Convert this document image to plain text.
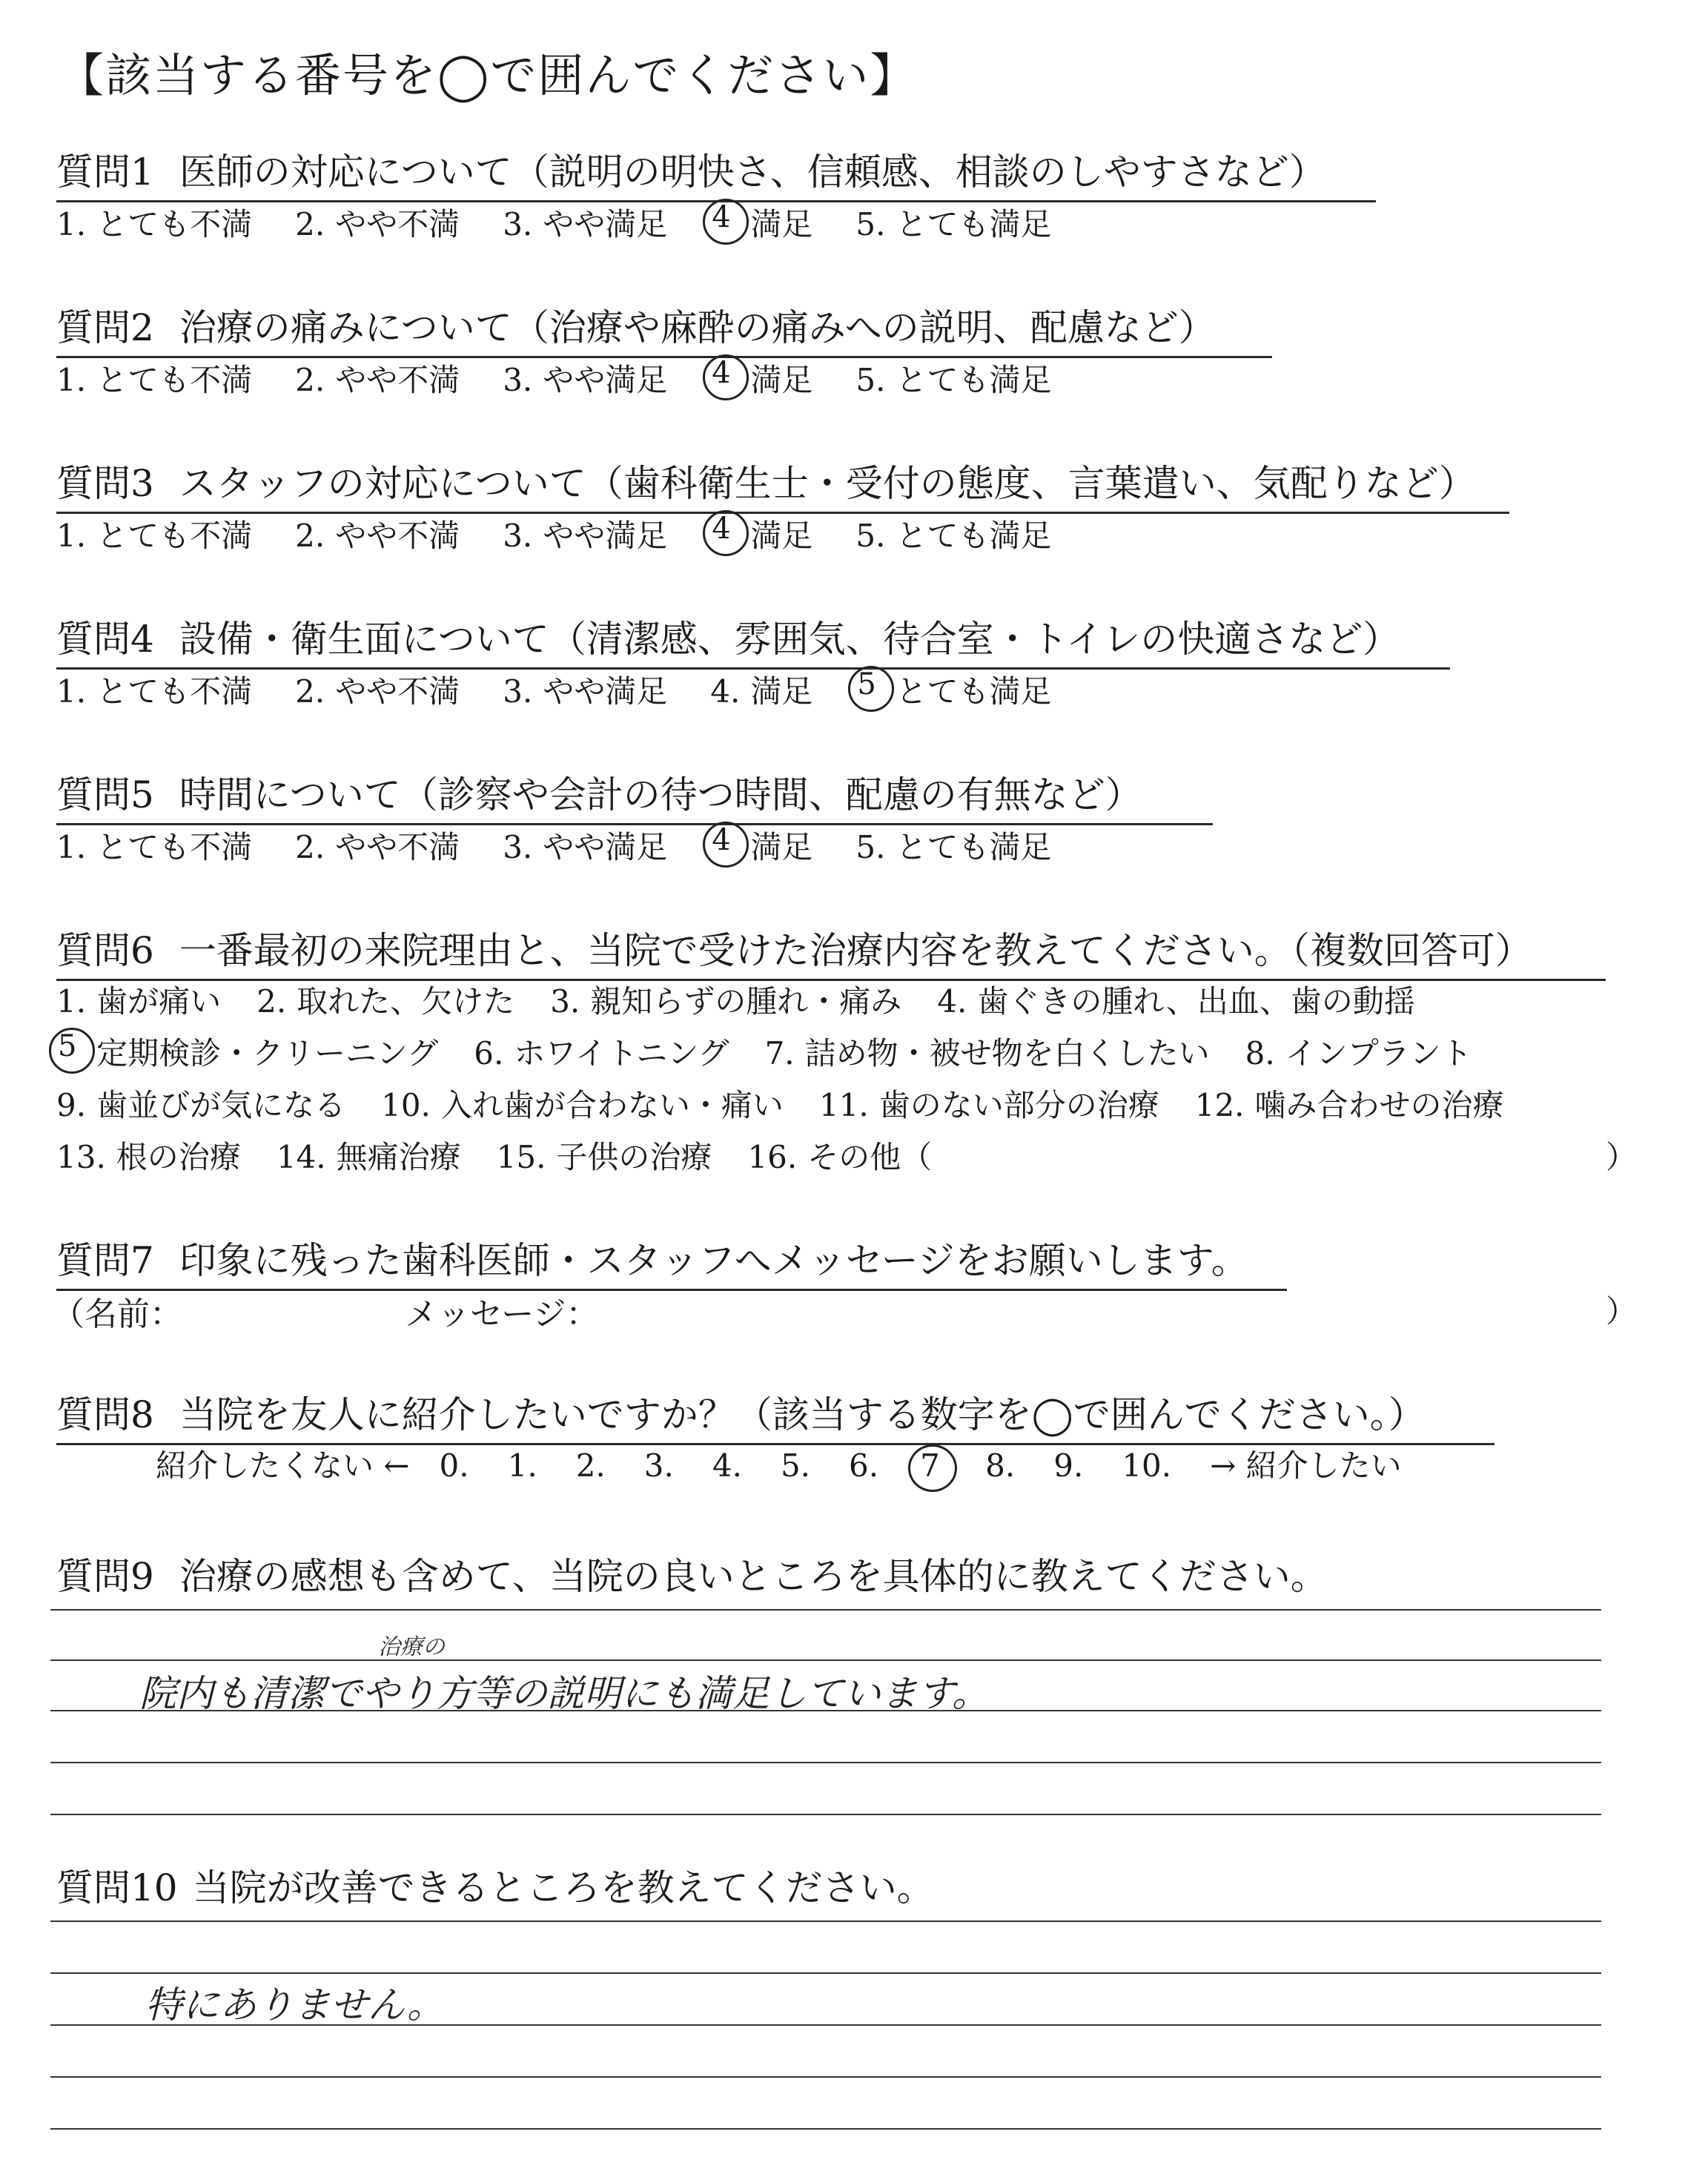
【該当する番号を◯で囲んでください】
質問1 医師の対応について（説明の明快さ、信頼感、相談のしやすさなど）
1. とても不満 2. やや不満 3. やや満足 4 満足 5. とても満足
質問2 治療の痛みについて（治療や麻酔の痛みへの説明、配慮など）
1. とても不満 2. やや不満 3. やや満足 4 満足 5. とても満足
質問3 スタッフの対応について（歯科衛生士・受付の態度、言葉遣い、気配りなど）
1. とても不満 2. やや不満 3. やや満足 4 満足 5. とても満足
質問4 設備・衛生面について（清潔感、雰囲気、待合室・トイレの快適さなど）
1. とても不満 2. やや不満 3. やや満足 4. 満足 5 とても満足
質問5 時間について（診察や会計の待つ時間、配慮の有無など）
1. とても不満 2. やや不満 3. やや満足 4 満足 5. とても満足
質問6 一番最初の来院理由と、当院で受けた治療内容を教えてください。（複数回答可）
1. 歯が痛い 2. 取れた、欠けた 3. 親知らずの腫れ・痛み 4. 歯ぐきの腫れ、出血、歯の動揺
5 定期検診・クリーニング 6. ホワイトニング 7. 詰め物・被せ物を白くしたい 8. インプラント
9. 歯並びが気になる 10. 入れ歯が合わない・痛い 11. 歯のない部分の治療 12. 噛み合わせの治療
13. 根の治療 14. 無痛治療 15. 子供の治療 16. その他（	）
質問7 印象に残った歯科医師・スタッフへメッセージをお願いします。
（名前：	メッセージ：	）
質問8 当院を友人に紹介したいですか？（該当する数字を◯で囲んでください。）
紹介したくない ← 0. 1. 2. 3. 4. 5. 6. 7 8. 9. 10. → 紹介したい
質問9 治療の感想も含めて、当院の良いところを具体的に教えてください。
治療の
院内も清潔でやり方等の説明にも満足しています。
質問10 当院が改善できるところを教えてください。
特にありません。
